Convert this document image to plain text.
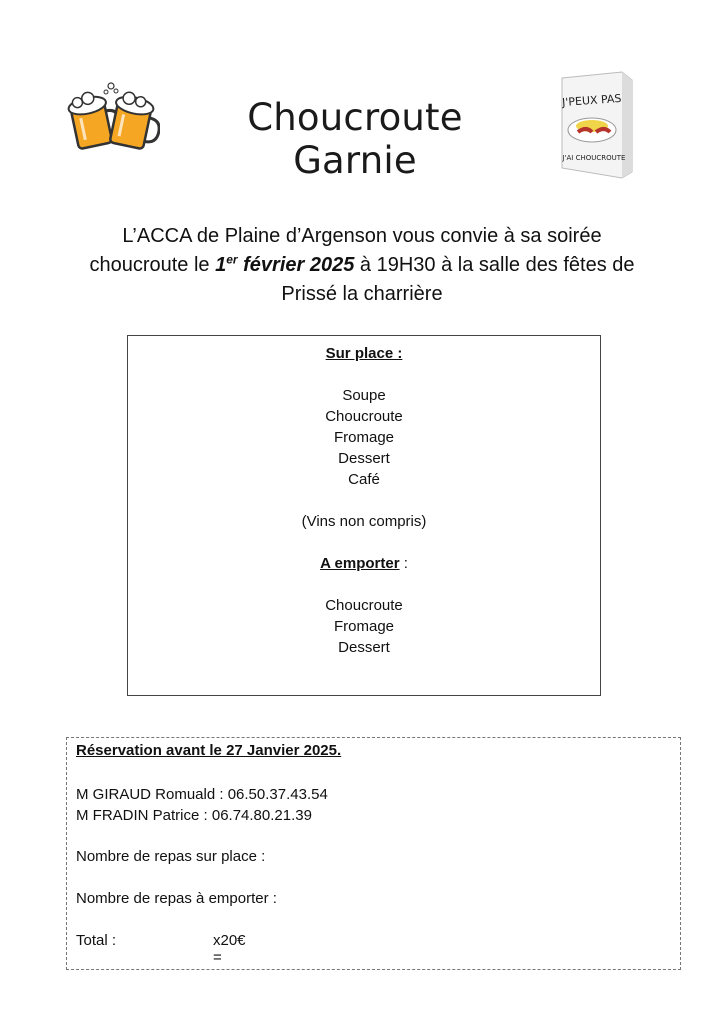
Choucroute Garnie
J'PEUX PAS
J'AI CHOUCROUTE
L’ACCA de Plaine d’Argenson vous convie à sa soirée
choucroute le 1er février 2025 à 19H30 à la salle des fêtes de
Prissé la charrière
Sur place :
Soupe
Choucroute
Fromage
Dessert
Café
(Vins non compris)
A emporter :
Choucroute
Fromage
Dessert
Réservation avant le 27 Janvier 2025.
M GIRAUD Romuald : 06.50.37.43.54
M FRADIN Patrice : 06.74.80.21.39
Nombre de repas sur place :
Nombre de repas à emporter :
Total :	x20€ =
